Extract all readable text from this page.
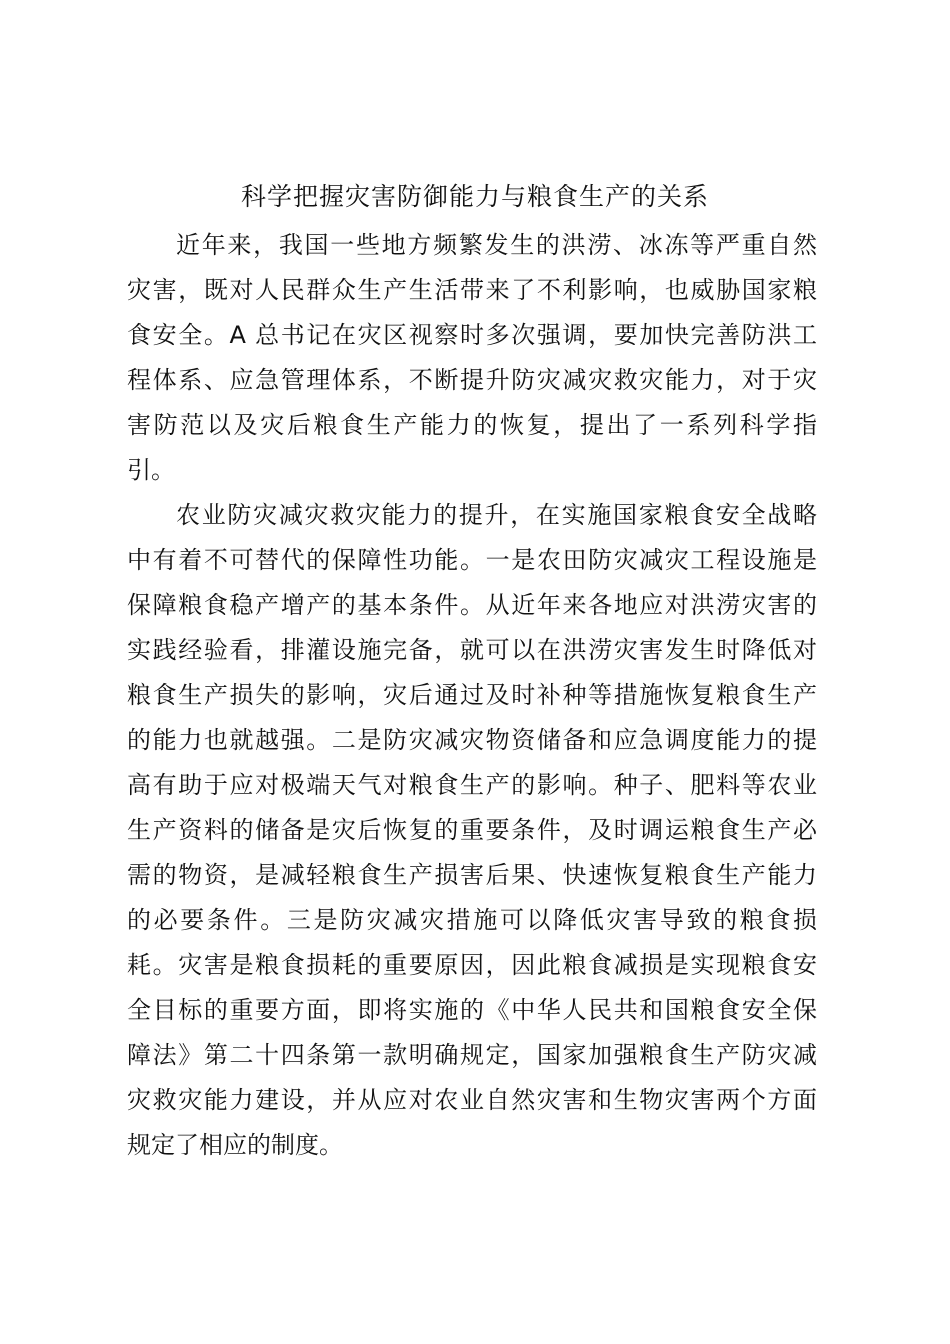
科学把握灾害防御能力与粮食生产的关系

近年来，我国一些地方频繁发生的洪涝、冰冻等严重自然

灾害，既对人民群众生产生活带来了不利影响，也威胁国家粮

食安全。A 总书记在灾区视察时多次强调，要加快完善防洪工

程体系、应急管理体系，不断提升防灾减灾救灾能力，对于灾

害防范以及灾后粮食生产能力的恢复，提出了一系列科学指

引。

农业防灾减灾救灾能力的提升，在实施国家粮食安全战略

中有着不可替代的保障性功能。一是农田防灾减灾工程设施是

保障粮食稳产增产的基本条件。从近年来各地应对洪涝灾害的

实践经验看，排灌设施完备，就可以在洪涝灾害发生时降低对

粮食生产损失的影响，灾后通过及时补种等措施恢复粮食生产

的能力也就越强。二是防灾减灾物资储备和应急调度能力的提

高有助于应对极端天气对粮食生产的影响。种子、肥料等农业

生产资料的储备是灾后恢复的重要条件，及时调运粮食生产必

需的物资，是减轻粮食生产损害后果、快速恢复粮食生产能力

的必要条件。三是防灾减灾措施可以降低灾害导致的粮食损

耗。灾害是粮食损耗的重要原因，因此粮食减损是实现粮食安

全目标的重要方面，即将实施的《中华人民共和国粮食安全保

障法》第二十四条第一款明确规定，国家加强粮食生产防灾减

灾救灾能力建设，并从应对农业自然灾害和生物灾害两个方面

规定了相应的制度。
